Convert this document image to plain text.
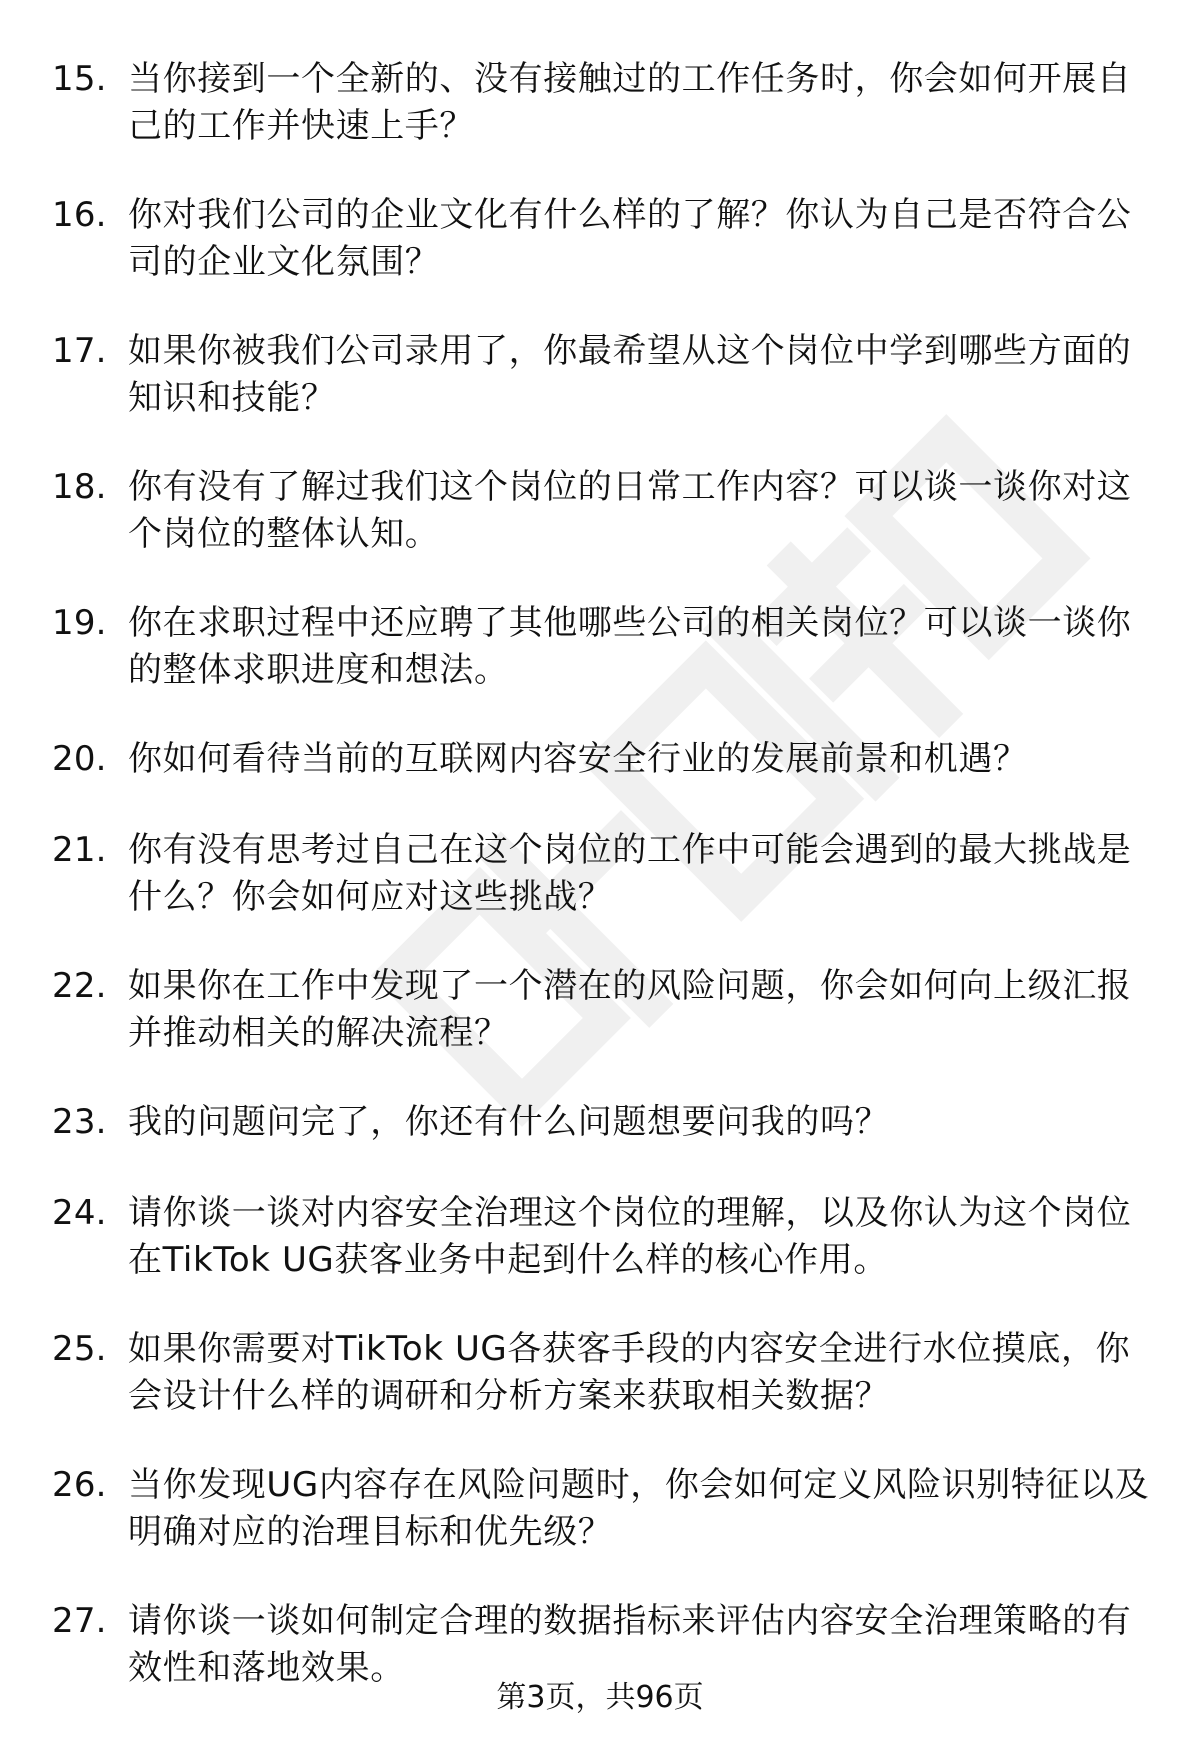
15. 当你接到一个全新的、没有接触过的工作任务时，你会如何开展自己的工作并快速上手？
16. 你对我们公司的企业文化有什么样的了解？你认为自己是否符合公司的企业文化氛围？
17. 如果你被我们公司录用了，你最希望从这个岗位中学到哪些方面的知识和技能？
18. 你有没有了解过我们这个岗位的日常工作内容？可以谈一谈你对这个岗位的整体认知。
19. 你在求职过程中还应聘了其他哪些公司的相关岗位？可以谈一谈你的整体求职进度和想法。
20. 你如何看待当前的互联网内容安全行业的发展前景和机遇？
21. 你有没有思考过自己在这个岗位的工作中可能会遇到的最大挑战是什么？你会如何应对这些挑战？
22. 如果你在工作中发现了一个潜在的风险问题，你会如何向上级汇报并推动相关的解决流程？
23. 我的问题问完了，你还有什么问题想要问我的吗？
24. 请你谈一谈对内容安全治理这个岗位的理解，以及你认为这个岗位在TikTok UG获客业务中起到什么样的核心作用。
25. 如果你需要对TikTok UG各获客手段的内容安全进行水位摸底，你会设计什么样的调研和分析方案来获取相关数据？
26. 当你发现UG内容存在风险问题时，你会如何定义风险识别特征以及明确对应的治理目标和优先级？
27. 请你谈一谈如何制定合理的数据指标来评估内容安全治理策略的有效性和落地效果。
第3页，共96页
